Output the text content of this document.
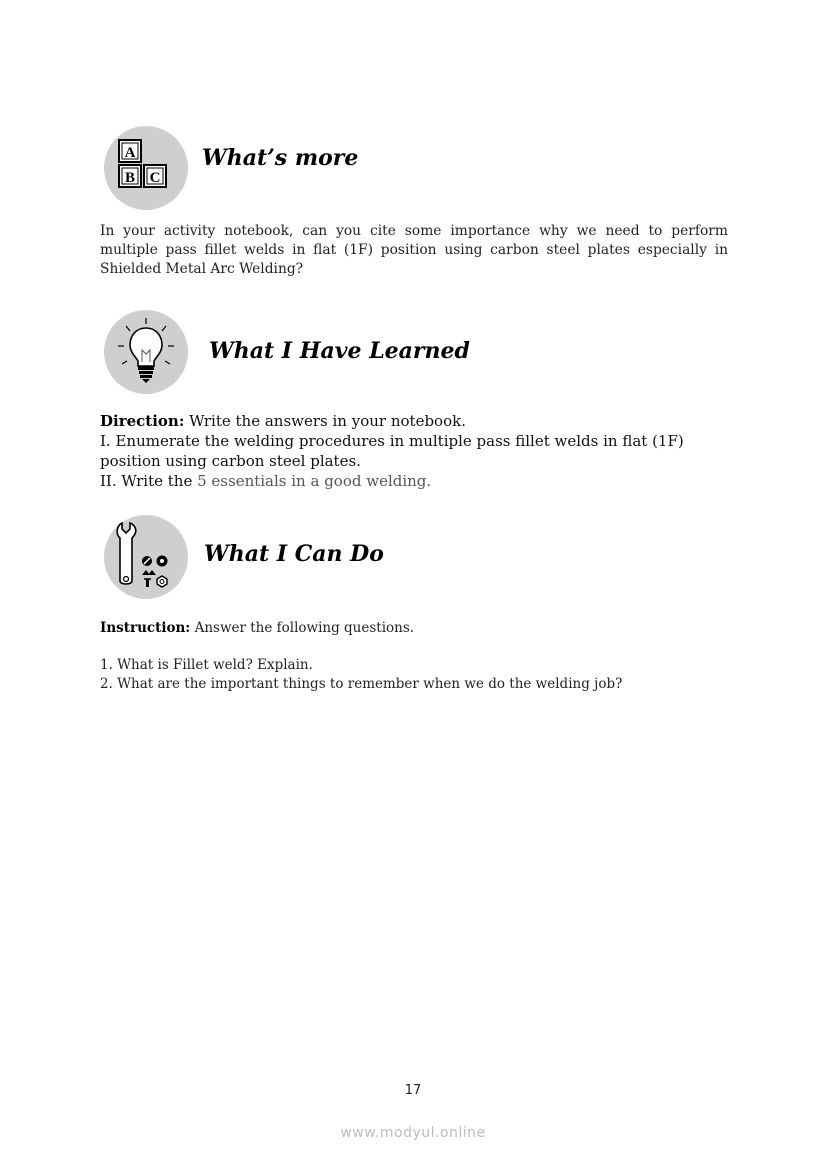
A
B C
What’s more

In your activity notebook, can you cite some importance why we need to perform multiple pass fillet welds in flat (1F) position using carbon steel plates especially in Shielded Metal Arc Welding?

What I Have Learned
Direction: Write the answers in your notebook.
I. Enumerate the welding procedures in multiple pass fillet welds in flat (1F)
position using carbon steel plates.
II. Write the 5 essentials in a good welding.
What I Can Do
Instruction: Answer the following questions.
1. What is Fillet weld? Explain.
2. What are the important things to remember when we do the welding job?
17
www.modyul.online
